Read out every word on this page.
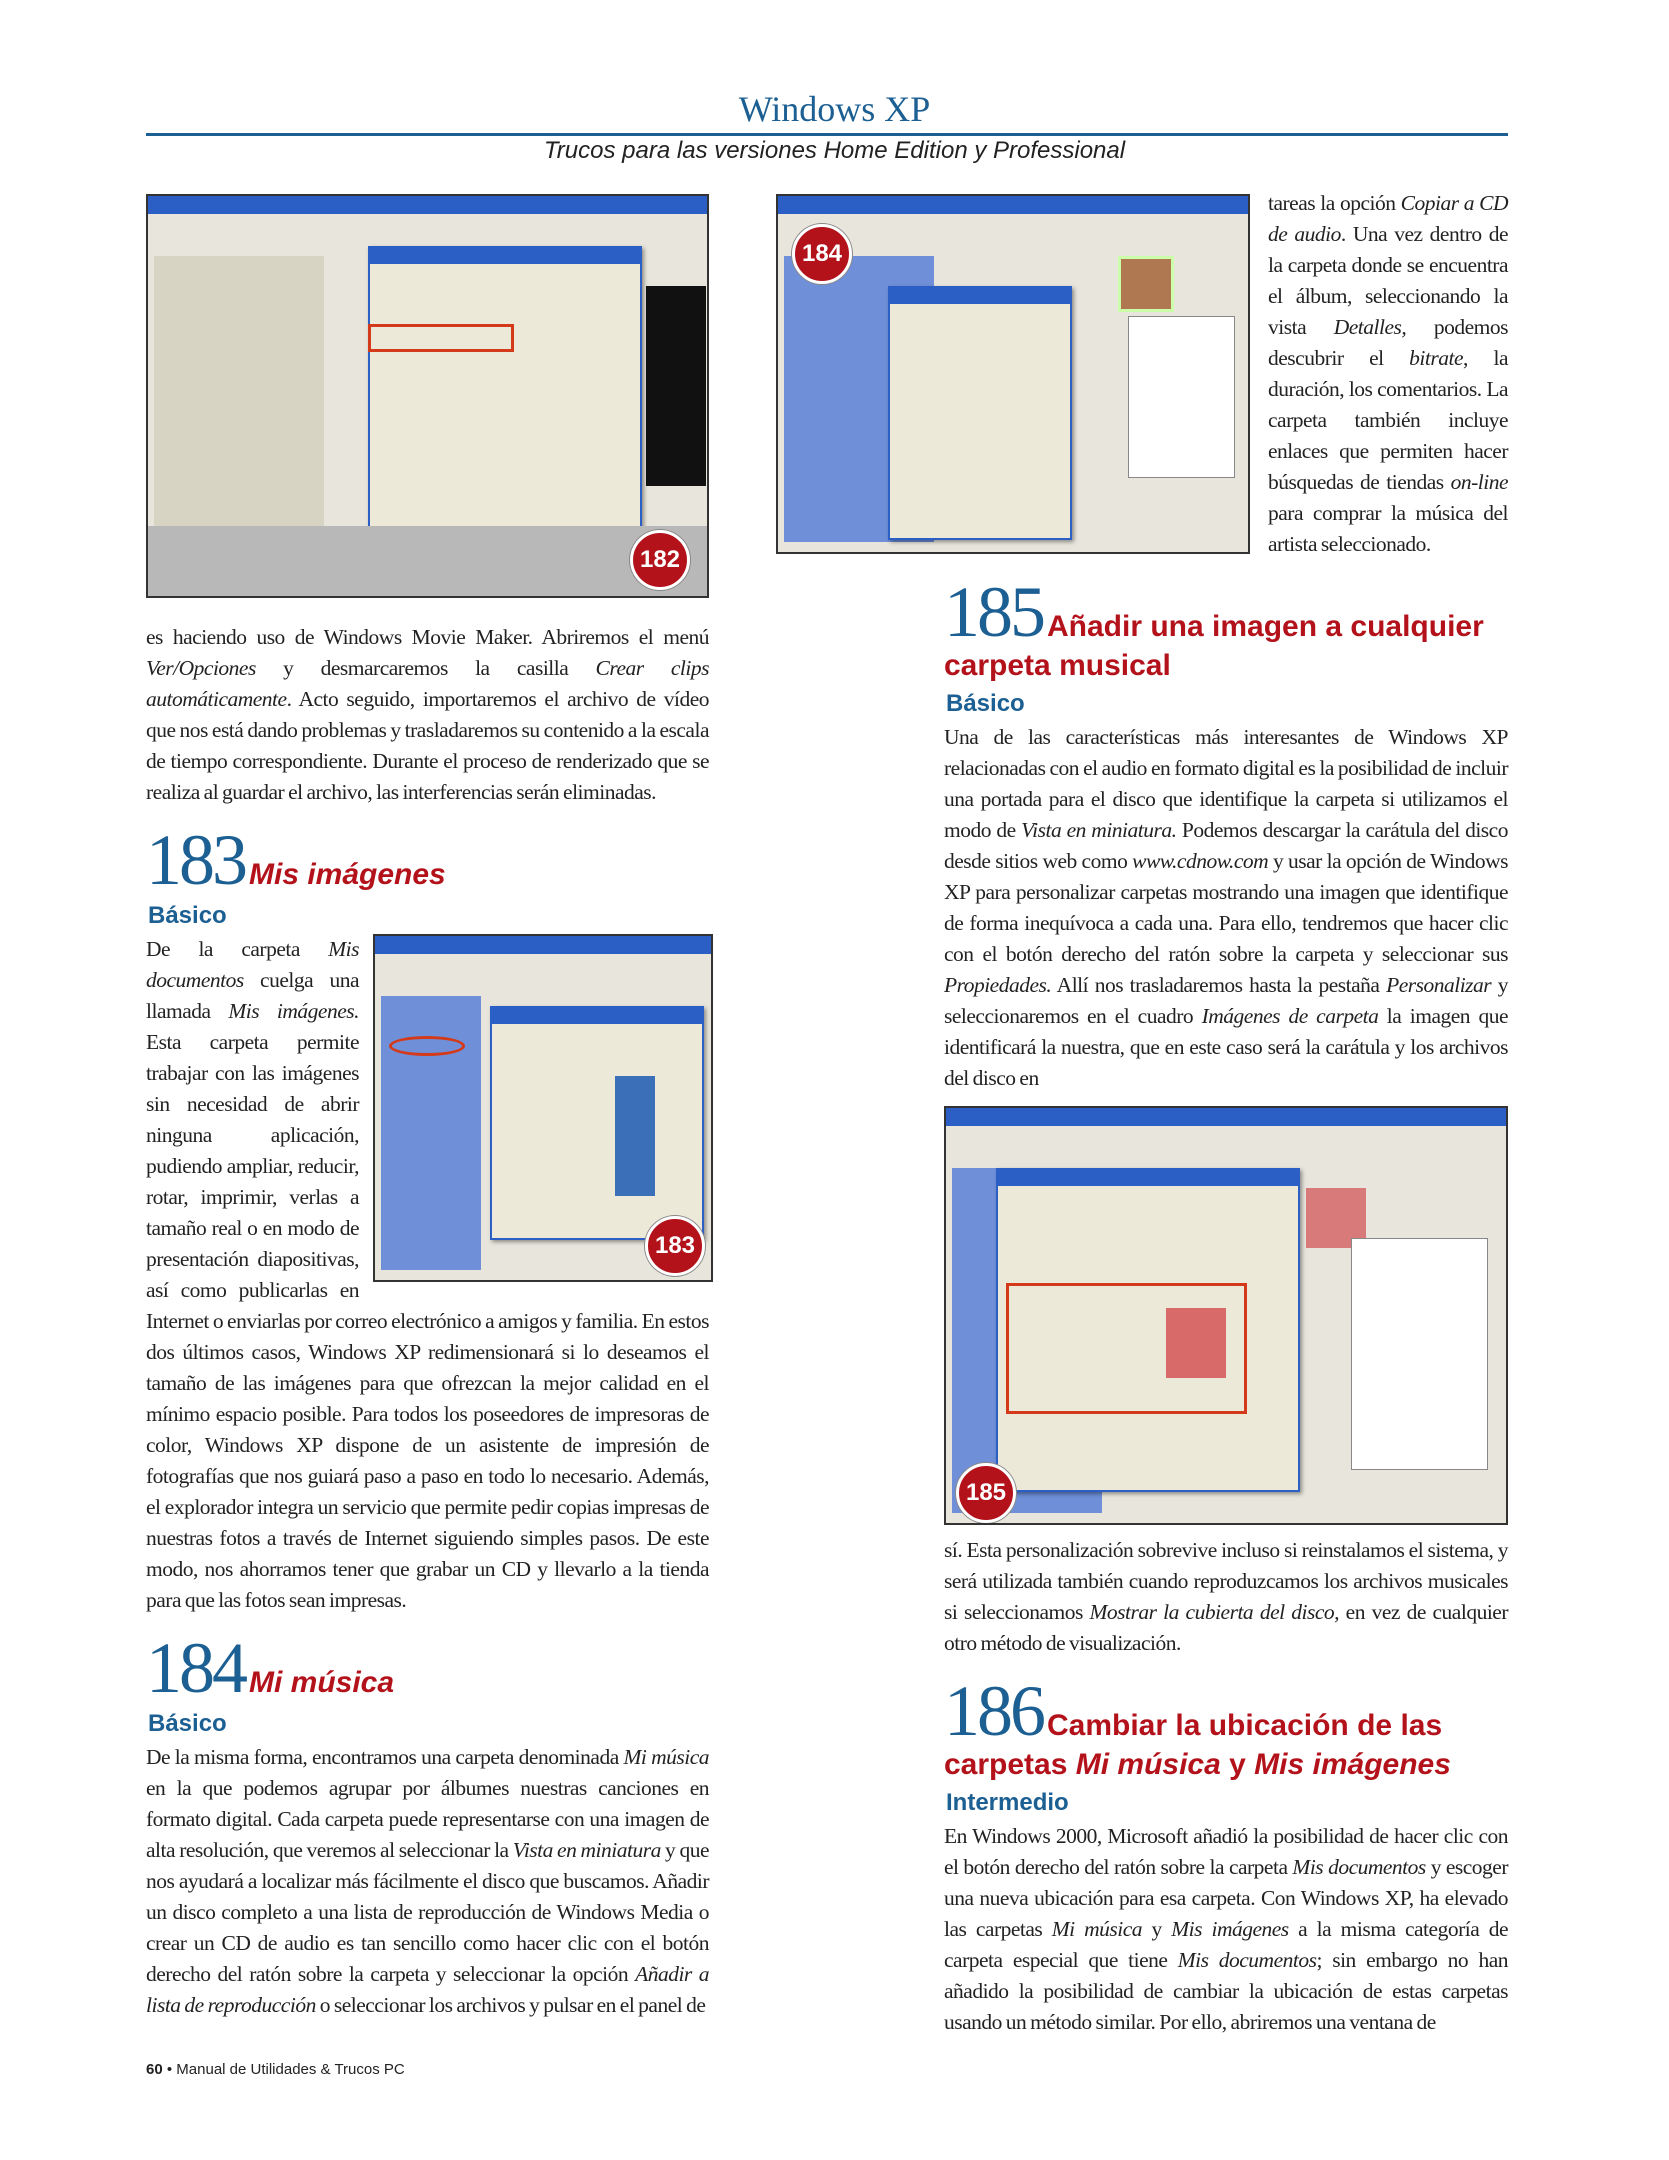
Windows XP
Trucos para las versiones Home Edition y Professional
182

es haciendo uso de Windows Movie Maker. Abriremos el menú Ver/Opciones y desmarcaremos la casilla Crear clips automáticamente. Acto seguido, importaremos el archivo de vídeo que nos está dando problemas y trasladaremos su contenido a la escala de tiempo correspondiente. Durante el proceso de renderizado que se realiza al guardar el archivo, las interferencias serán eliminadas.

183 Mis imágenes
Básico
183

De la carpeta Mis documentos cuelga una llamada Mis imágenes. Esta carpeta permite trabajar con las imágenes sin necesidad de abrir ninguna aplicación, pudiendo ampliar, reducir, rotar, imprimir, verlas a tamaño real o en modo de presentación diapositivas, así como publicarlas en Internet o enviarlas por correo electrónico a amigos y familia. En estos dos últimos casos, Windows XP redimensionará si lo deseamos el tamaño de las imágenes para que ofrezcan la mejor calidad en el mínimo espacio posible. Para todos los poseedores de impresoras de color, Windows XP dispone de un asistente de impresión de fotografías que nos guiará paso a paso en todo lo necesario. Además, el explorador integra un servicio que permite pedir copias impresas de nuestras fotos a través de Internet siguiendo simples pasos. De este modo, nos ahorramos tener que grabar un CD y llevarlo a la tienda para que las fotos sean impresas.

184 Mi música
Básico

De la misma forma, encontramos una carpeta denominada Mi música en la que podemos agrupar por álbumes nuestras canciones en formato digital. Cada carpeta puede representarse con una imagen de alta resolución, que veremos al seleccionar la Vista en miniatura y que nos ayudará a localizar más fácilmente el disco que buscamos. Añadir un disco completo a una lista de reproducción de Windows Media o crear un CD de audio es tan sencillo como hacer clic con el botón derecho del ratón sobre la carpeta y seleccionar la opción Añadir a lista de reproducción o seleccionar los archivos y pulsar en el panel de

60 • Manual de Utilidades & Trucos PC
184

tareas la opción Copiar a CD de audio. Una vez dentro de la carpeta donde se encuentra el álbum, seleccionando la vista Detalles, podemos descubrir el bitrate, la duración, los comentarios. La carpeta también incluye enlaces que permiten hacer búsquedas de tiendas on-line para comprar la música del artista seleccionado.

185 Añadir una imagen a cualquier carpeta musical
Básico

Una de las características más interesantes de Windows XP relacionadas con el audio en formato digital es la posibilidad de incluir una portada para el disco que identifique la carpeta si utilizamos el modo de Vista en miniatura. Podemos descargar la carátula del disco desde sitios web como www.cdnow.com y usar la opción de Windows XP para personalizar carpetas mostrando una imagen que identifique de forma inequívoca a cada una. Para ello, tendremos que hacer clic con el botón derecho del ratón sobre la carpeta y seleccionar sus Propiedades. Allí nos trasladaremos hasta la pestaña Personalizar y seleccionaremos en el cuadro Imágenes de carpeta la imagen que identificará la nuestra, que en este caso será la carátula y los archivos del disco en

185

sí. Esta personalización sobrevive incluso si reinstalamos el sistema, y será utilizada también cuando reproduzcamos los archivos musicales si seleccionamos Mostrar la cubierta del disco, en vez de cualquier otro método de visualización.

186 Cambiar la ubicación de las carpetas Mi música y Mis imágenes
Intermedio

En Windows 2000, Microsoft añadió la posibilidad de hacer clic con el botón derecho del ratón sobre la carpeta Mis documentos y escoger una nueva ubicación para esa carpeta. Con Windows XP, ha elevado las carpetas Mi música y Mis imágenes a la misma categoría de carpeta especial que tiene Mis documentos; sin embargo no han añadido la posibilidad de cambiar la ubicación de estas carpetas usando un método similar. Por ello, abriremos una ventana de
